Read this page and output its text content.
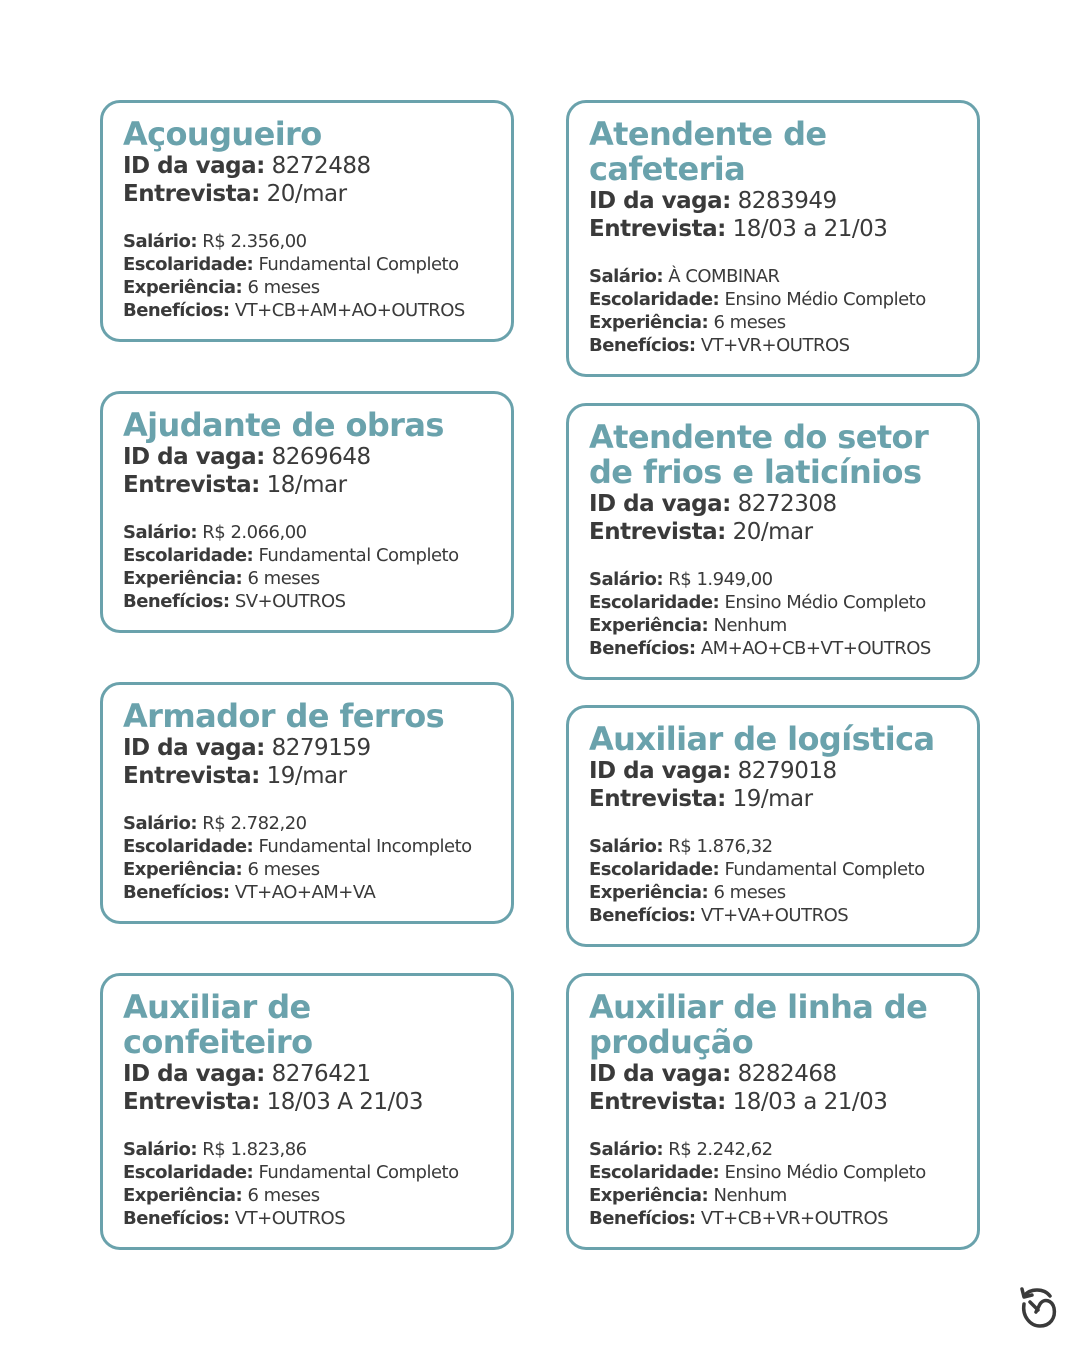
Açougueiro
ID da vaga: 8272488
Entrevista: 20/mar
Salário: R$ 2.356,00
Escolaridade: Fundamental Completo
Experiência: 6 meses
Benefícios: VT+CB+AM+AO+OUTROS
Atendente de cafeteria
ID da vaga: 8283949
Entrevista: 18/03 a 21/03
Salário: À COMBINAR
Escolaridade: Ensino Médio Completo
Experiência: 6 meses
Benefícios: VT+VR+OUTROS
Ajudante de obras
ID da vaga: 8269648
Entrevista: 18/mar
Salário: R$ 2.066,00
Escolaridade: Fundamental Completo
Experiência: 6 meses
Benefícios: SV+OUTROS
Atendente do setor de frios e laticínios
ID da vaga: 8272308
Entrevista: 20/mar
Salário: R$ 1.949,00
Escolaridade: Ensino Médio Completo
Experiência: Nenhum
Benefícios: AM+AO+CB+VT+OUTROS
Armador de ferros
ID da vaga: 8279159
Entrevista: 19/mar
Salário: R$ 2.782,20
Escolaridade: Fundamental Incompleto
Experiência: 6 meses
Benefícios: VT+AO+AM+VA
Auxiliar de logística
ID da vaga: 8279018
Entrevista: 19/mar
Salário: R$ 1.876,32
Escolaridade: Fundamental Completo
Experiência: 6 meses
Benefícios: VT+VA+OUTROS
Auxiliar de confeiteiro
ID da vaga: 8276421
Entrevista: 18/03 A 21/03
Salário: R$ 1.823,86
Escolaridade: Fundamental Completo
Experiência: 6 meses
Benefícios: VT+OUTROS
Auxiliar de linha de produção
ID da vaga: 8282468
Entrevista: 18/03 a 21/03
Salário: R$ 2.242,62
Escolaridade: Ensino Médio Completo
Experiência: Nenhum
Benefícios: VT+CB+VR+OUTROS
